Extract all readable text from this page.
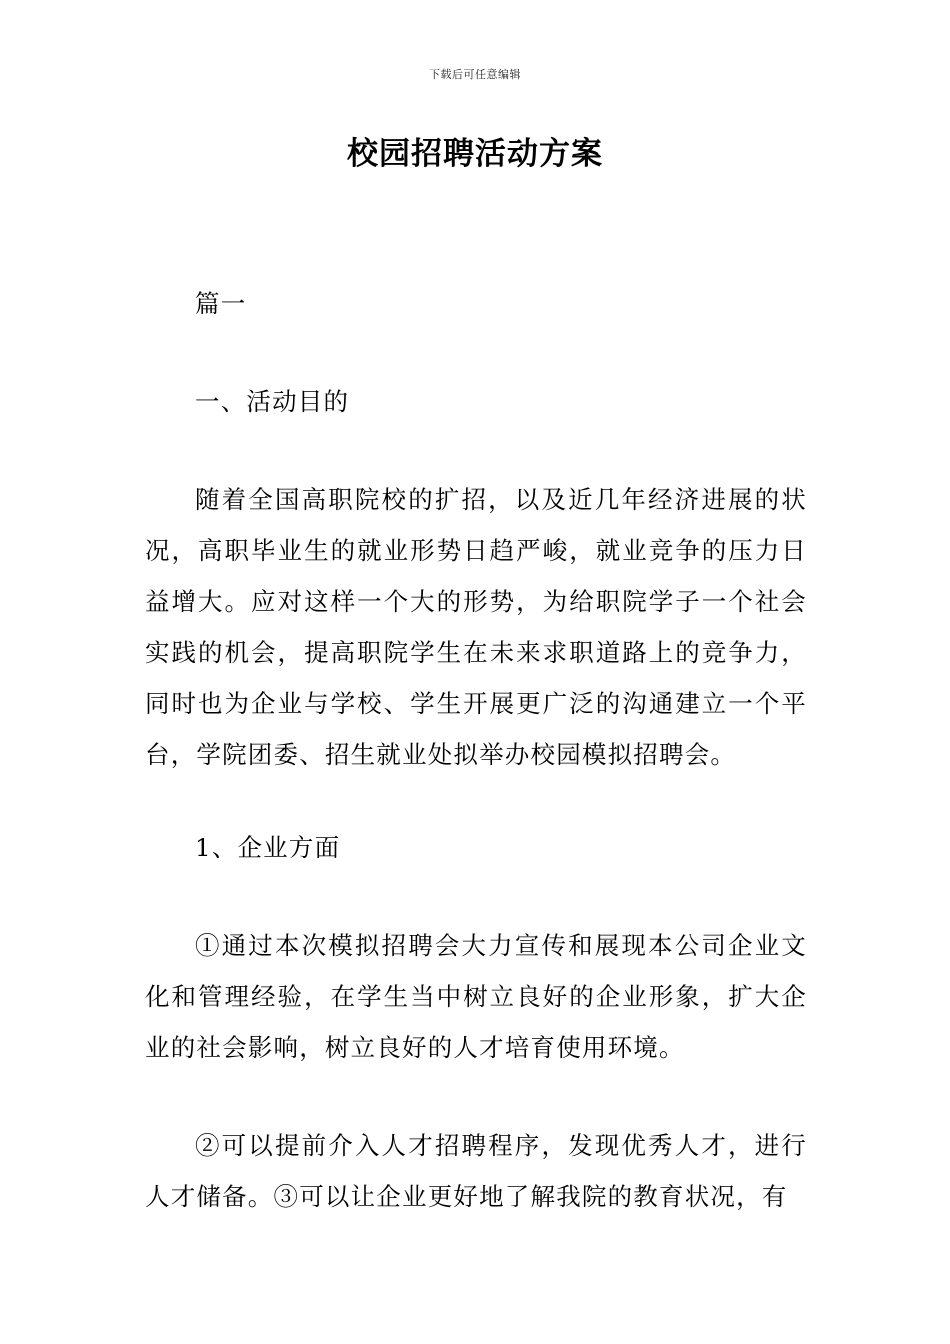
下载后可任意编辑
校园招聘活动方案
篇一
一、活动目的

随着全国高职院校的扩招，以及近几年经济进展的状况，高职毕业生的就业形势日趋严峻，就业竞争的压力日益增大。应对这样一个大的形势，为给职院学子一个社会实践的机会，提高职院学生在未来求职道路上的竞争力，同时也为企业与学校、学生开展更广泛的沟通建立一个平台，学院团委、招生就业处拟举办校园模拟招聘会。

1、企业方面

①通过本次模拟招聘会大力宣传和展现本公司企业文化和管理经验，在学生当中树立良好的企业形象，扩大企业的社会影响，树立良好的人才培育使用环境。

②可以提前介入人才招聘程序，发现优秀人才，进行人才储备。③可以让企业更好地了解我院的教育状况，有
